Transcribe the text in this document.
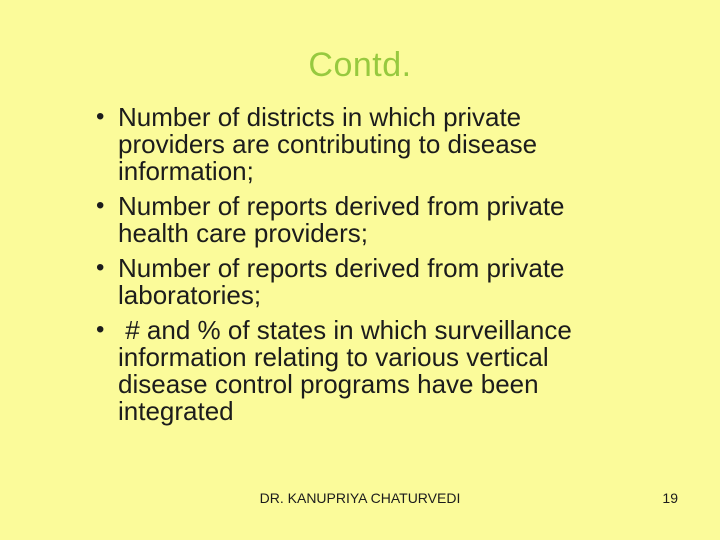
Contd.
• Number of districts in which private providers are contributing to disease information;
• Number of reports derived from private health care providers;
• Number of reports derived from private laboratories;
• # and % of states in which surveillance information relating to various vertical disease control programs have been integrated
DR. KANUPRIYA CHATURVEDI	19
